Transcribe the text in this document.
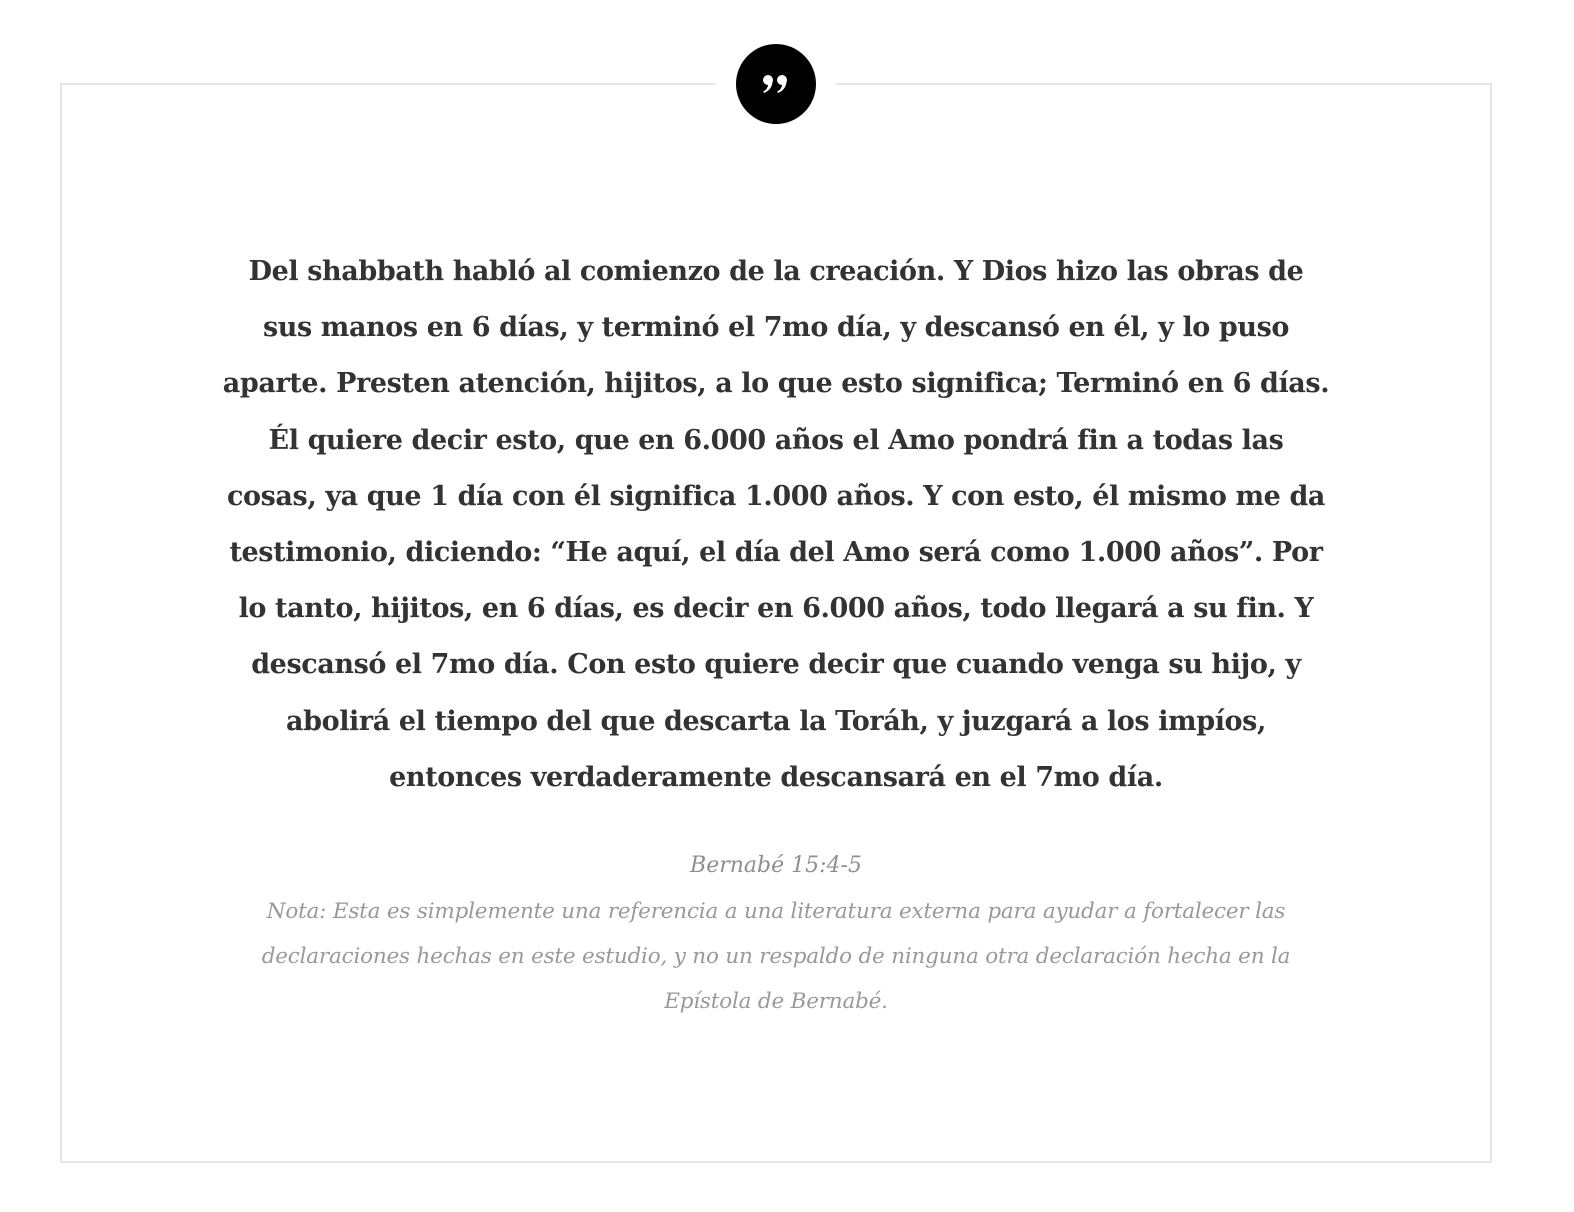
Del shabbath habló al comienzo de la creación. Y Dios hizo las obras de sus manos en 6 días, y terminó el 7mo día, y descansó en él, y lo puso aparte. Presten atención, hijitos, a lo que esto significa; Terminó en 6 días. Él quiere decir esto, que en 6.000 años el Amo pondrá fin a todas las cosas, ya que 1 día con él significa 1.000 años. Y con esto, él mismo me da testimonio, diciendo: “He aquí, el día del Amo será como 1.000 años”. Por lo tanto, hijitos, en 6 días, es decir en 6.000 años, todo llegará a su fin. Y descansó el 7mo día. Con esto quiere decir que cuando venga su hijo, y abolirá el tiempo del que descarta la Toráh, y juzgará a los impíos, entonces verdaderamente descansará en el 7mo día.

Bernabé 15:4-5

Nota: Esta es simplemente una referencia a una literatura externa para ayudar a fortalecer las declaraciones hechas en este estudio, y no un respaldo de ninguna otra declaración hecha en la Epístola de Bernabé.
